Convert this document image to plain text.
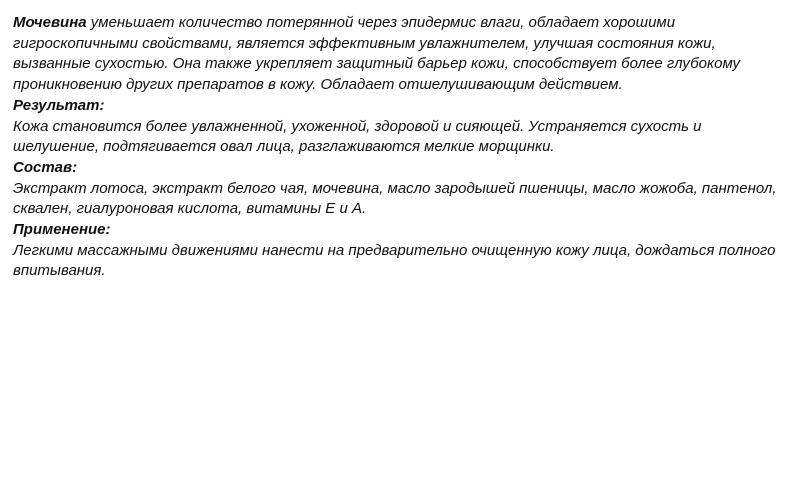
Мочевина уменьшает количество потерянной через эпидермис влаги, обладает хорошими гигроскопичными свойствами, является эффективным увлажнителем, улучшая состояния кожи, вызванные сухостью. Она также укрепляет защитный барьер кожи, способствует более глубокому проникновению других препаратов в кожу. Обладает отшелушивающим действием.

Результат:

Кожа становится более увлажненной, ухоженной, здоровой и сияющей. Устраняется сухость и шелушение, подтягивается овал лица, разглаживаются мелкие морщинки.

Состав:

Экстракт лотоса, экстракт белого чая, мочевина, масло зародышей пшеницы, масло жожоба, пантенол, сквален, гиалуроновая кислота, витамины Е и А.

Применение:

Легкими массажными движениями нанести на предварительно очищенную кожу лица, дождаться полного впитывания.
